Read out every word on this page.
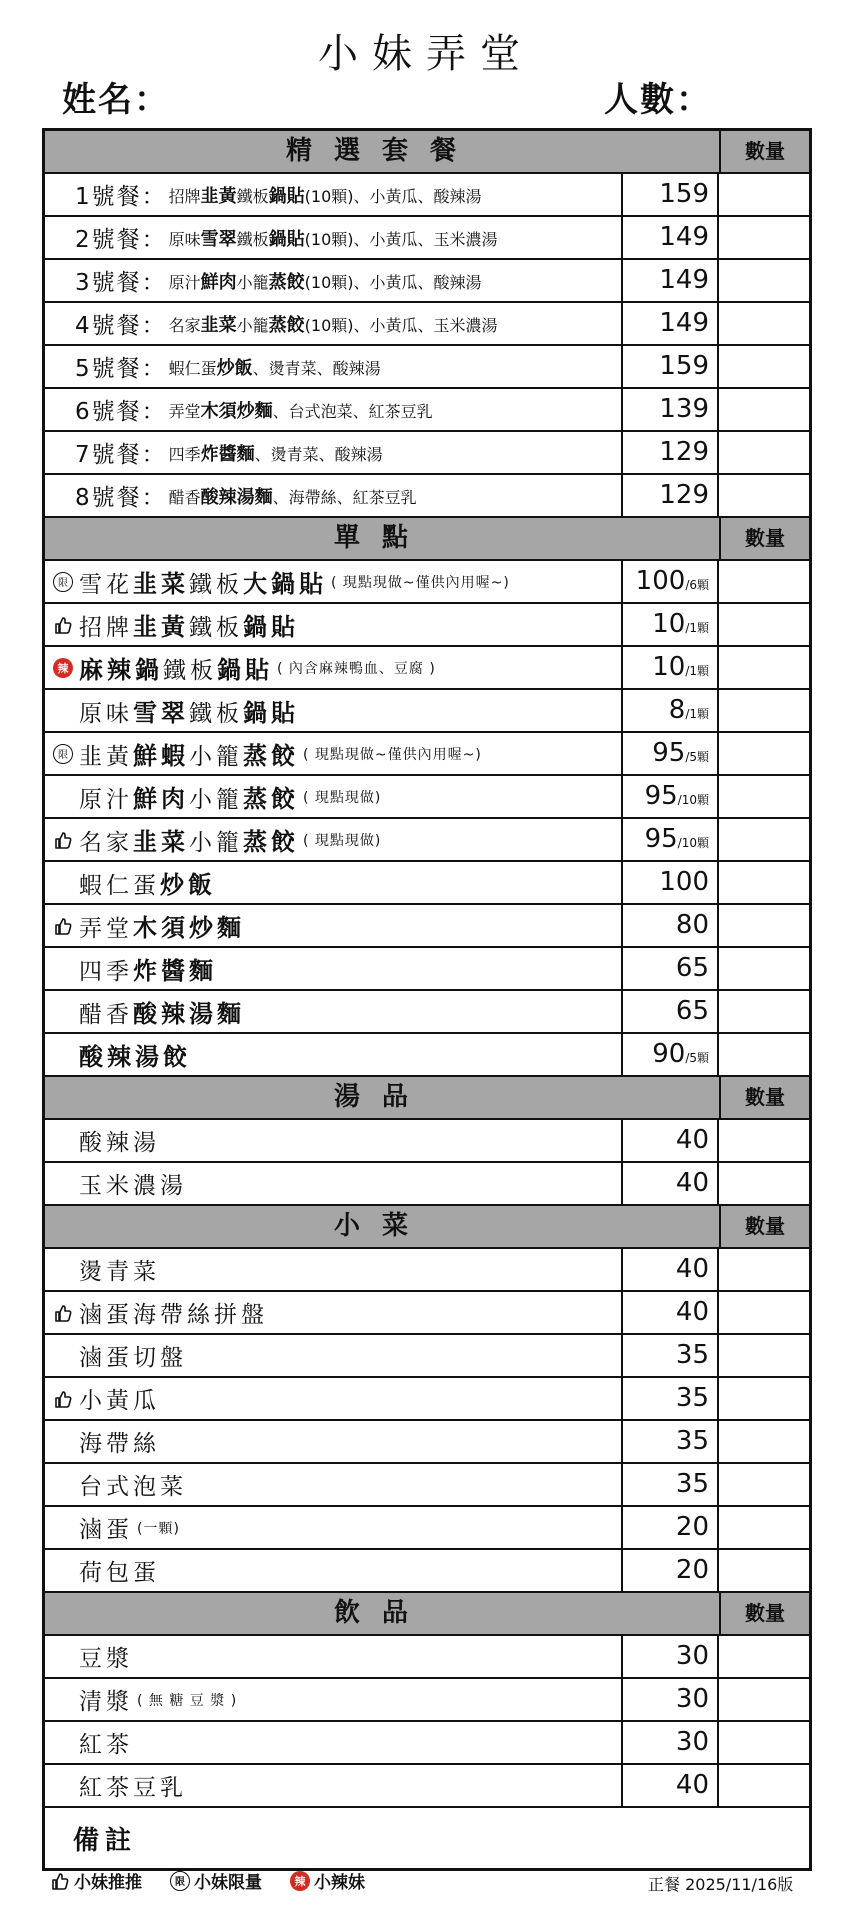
小妹弄堂
姓名：	人數：
精選套餐	數量
1號餐： 招牌韭黃鐵板鍋貼(10顆)、小黃瓜、酸辣湯	159
2號餐： 原味雪翠鐵板鍋貼(10顆)、小黃瓜、玉米濃湯	149
3號餐： 原汁鮮肉小籠蒸餃(10顆)、小黃瓜、酸辣湯	149
4號餐： 名家韭菜小籠蒸餃(10顆)、小黃瓜、玉米濃湯	149
5號餐： 蝦仁蛋炒飯、燙青菜、酸辣湯	159
6號餐： 弄堂木須炒麵、台式泡菜、紅茶豆乳	139
7號餐： 四季炸醬麵、燙青菜、酸辣湯	129
8號餐： 醋香酸辣湯麵、海帶絲、紅茶豆乳	129
單點	數量
限 雪花韭菜鐵板大鍋貼 ( 現點現做~僅供內用喔~)	100/6顆
招牌韭黃鐵板鍋貼	10/1顆
辣 麻辣鍋鐵板鍋貼 ( 內含麻辣鴨血、豆腐 )	10/1顆
原味雪翠鐵板鍋貼	8/1顆
限 韭黃鮮蝦小籠蒸餃 ( 現點現做~僅供內用喔~)	95/5顆
原汁鮮肉小籠蒸餃 ( 現點現做)	95/10顆
名家韭菜小籠蒸餃 ( 現點現做)	95/10顆
蝦仁蛋炒飯	100
弄堂木須炒麵	80
四季炸醬麵	65
醋香酸辣湯麵	65
酸辣湯餃	90/5顆
湯品	數量
酸辣湯	40
玉米濃湯	40
小菜	數量
燙青菜	40
滷蛋海帶絲拼盤	40
滷蛋切盤	35
小黃瓜	35
海帶絲	35
台式泡菜	35
滷蛋 (一顆)	20
荷包蛋	20
飲品	數量
豆漿	30
清漿 ( 無 糖 豆 漿 )	30
紅茶	30
紅茶豆乳	40
備註
小妹推推	限 小妹限量	辣 小辣妹	正餐 2025/11/16版
